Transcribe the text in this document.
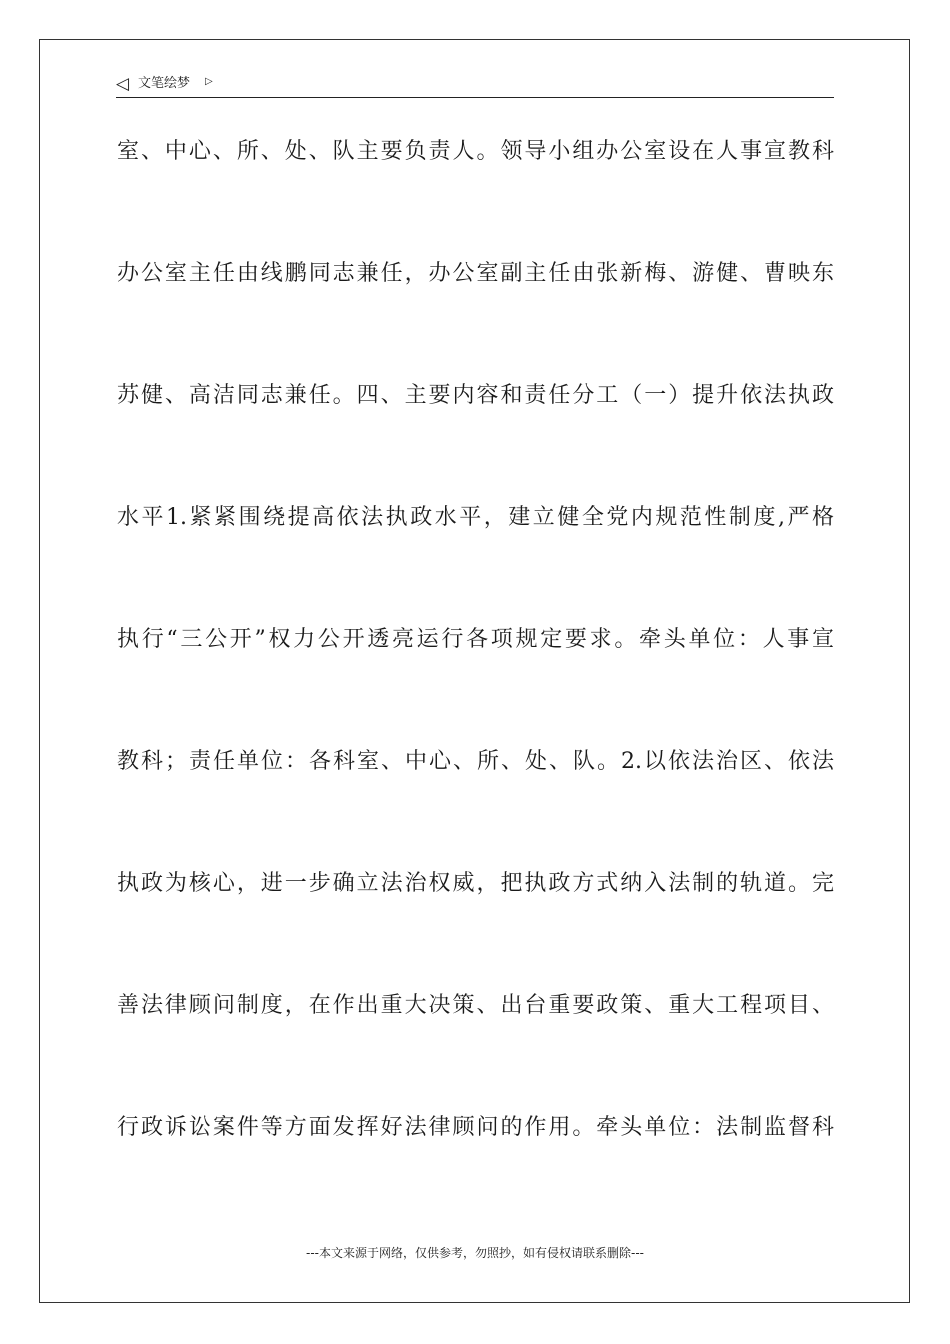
◁ 文笔绘梦 ▷
室、中心、所、处、队主要负责人。领导小组办公室设在人事宣教科
办公室主任由线鹏同志兼任，办公室副主任由张新梅、游健、曹映东
苏健、高洁同志兼任。四、主要内容和责任分工（一）提升依法执政
水平1.紧紧围绕提高依法执政水平，建立健全党内规范性制度,严格
执行“三公开”权力公开透亮运行各项规定要求。牵头单位：人事宣
教科；责任单位：各科室、中心、所、处、队。2.以依法治区、依法
执政为核心，进一步确立法治权威，把执政方式纳入法制的轨道。完
善法律顾问制度，在作出重大决策、出台重要政策、重大工程项目、
行政诉讼案件等方面发挥好法律顾问的作用。牵头单位：法制监督科
---本文来源于网络，仅供参考，勿照抄，如有侵权请联系删除---
